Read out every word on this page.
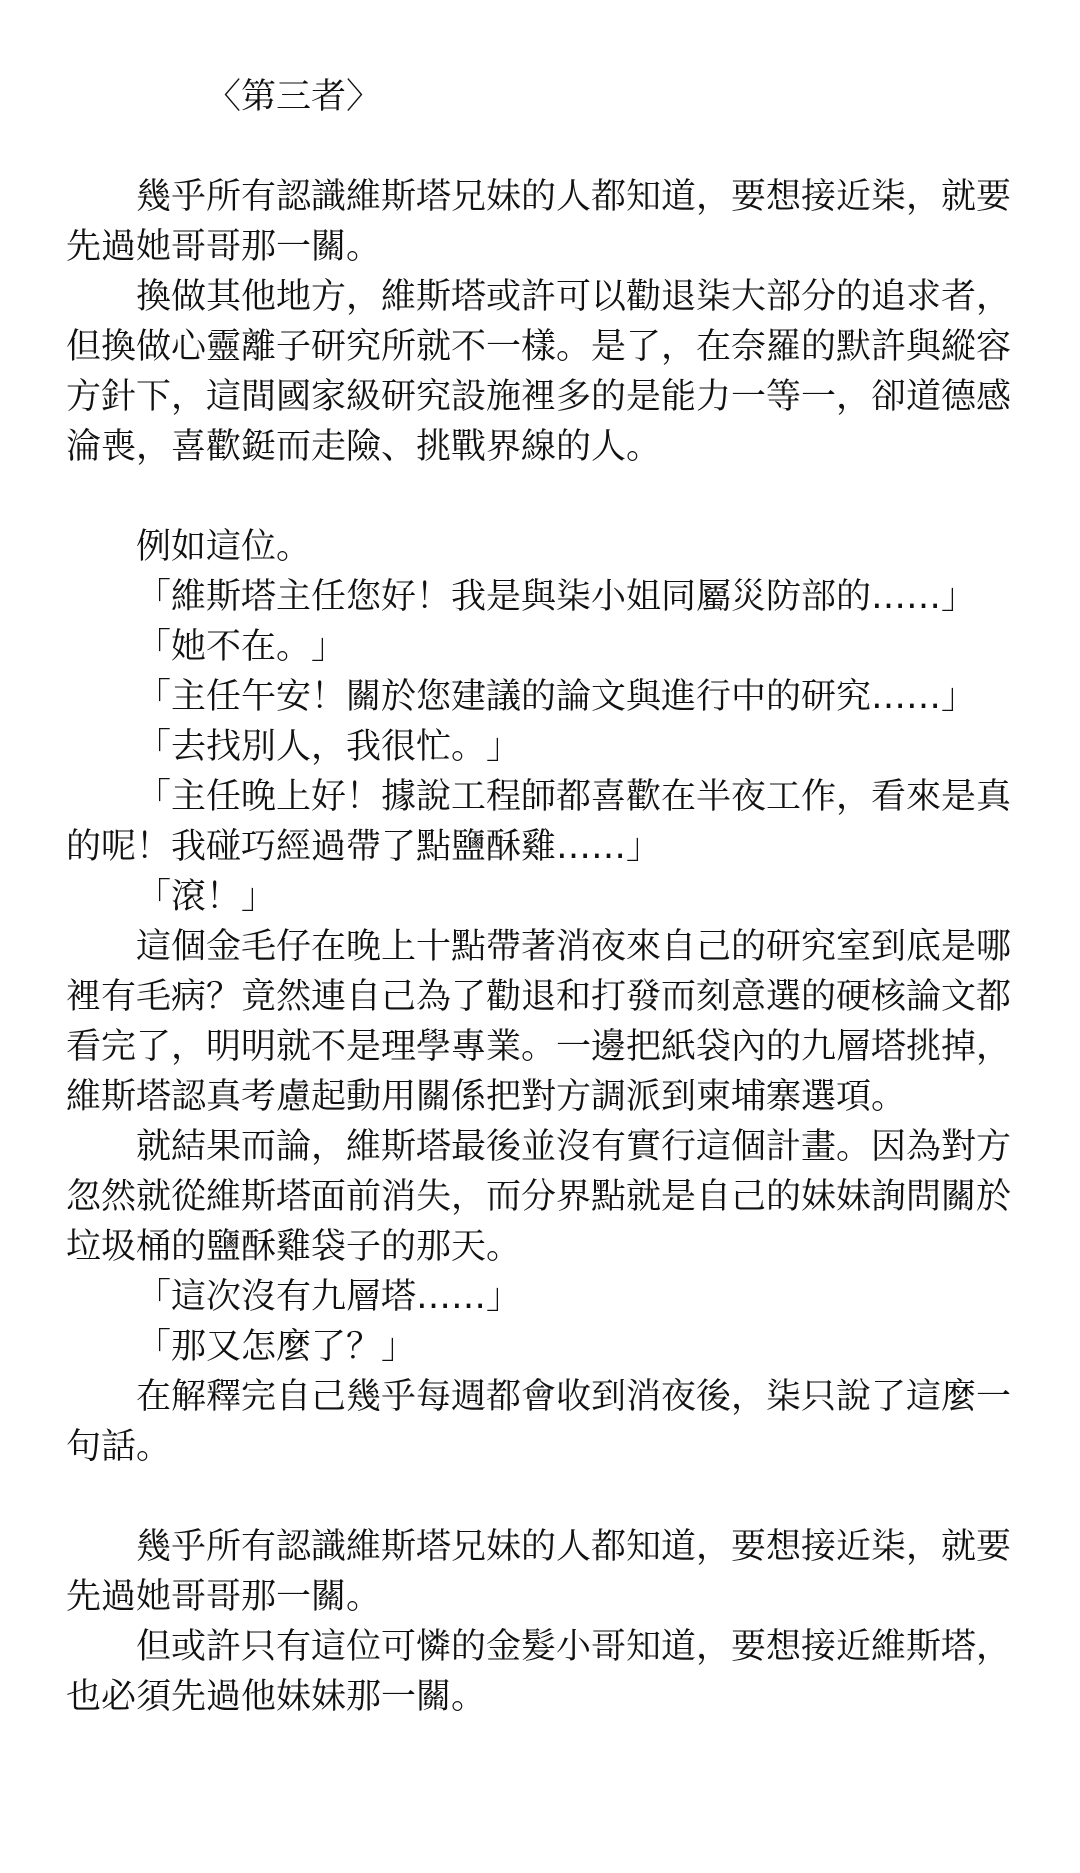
〈第三者〉

幾乎所有認識維斯塔兄妹的人都知道，要想接近柒，就要先過她哥哥那一關。

換做其他地方，維斯塔或許可以勸退柒大部分的追求者，但換做心靈離子研究所就不一樣。是了，在奈羅的默許與縱容方針下，這間國家級研究設施裡多的是能力一等一，卻道德感淪喪，喜歡鋌而走險、挑戰界線的人。

例如這位。

「維斯塔主任您好！我是與柒小姐同屬災防部的……」

「她不在。」

「主任午安！關於您建議的論文與進行中的研究……」

「去找別人，我很忙。」

「主任晚上好！據說工程師都喜歡在半夜工作，看來是真的呢！我碰巧經過帶了點鹽酥雞……」

「滾！」

這個金毛仔在晚上十點帶著消夜來自己的研究室到底是哪裡有毛病？竟然連自己為了勸退和打發而刻意選的硬核論文都看完了，明明就不是理學專業。一邊把紙袋內的九層塔挑掉，維斯塔認真考慮起動用關係把對方調派到柬埔寨選項。

就結果而論，維斯塔最後並沒有實行這個計畫。因為對方忽然就從維斯塔面前消失，而分界點就是自己的妹妹詢問關於垃圾桶的鹽酥雞袋子的那天。

「這次沒有九層塔……」

「那又怎麼了？」

在解釋完自己幾乎每週都會收到消夜後，柒只說了這麼一句話。

幾乎所有認識維斯塔兄妹的人都知道，要想接近柒，就要先過她哥哥那一關。

但或許只有這位可憐的金髮小哥知道，要想接近維斯塔，也必須先過他妹妹那一關。
